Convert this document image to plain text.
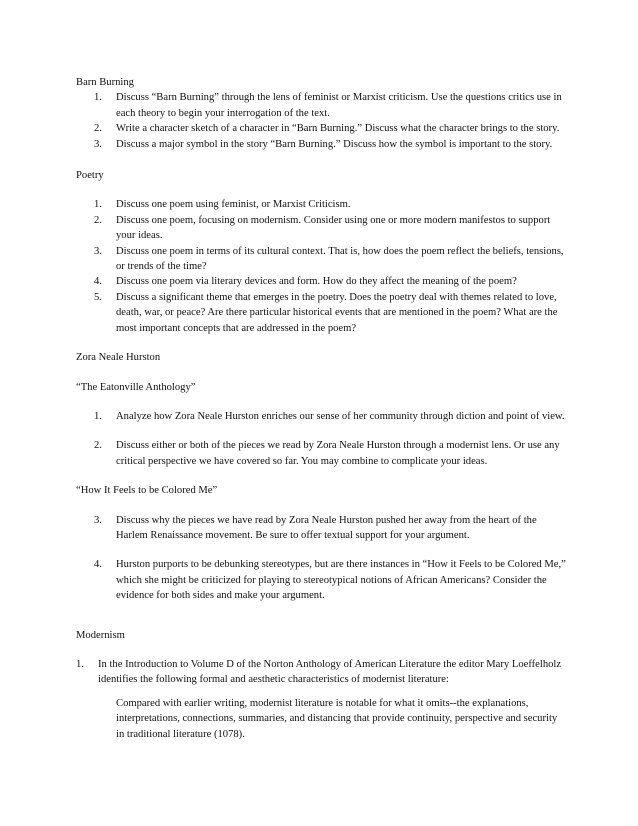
Barn Burning

1.	Discuss “Barn Burning” through the lens of feminist or Marxist criticism. Use the questions critics use in each theory to begin your interrogation of the text.
2.	Write a character sketch of a character in “Barn Burning.” Discuss what the character brings to the story.
3.	Discuss a major symbol in the story “Barn Burning.” Discuss how the symbol is important to the story.

Poetry

1.	Discuss one poem using feminist, or Marxist Criticism.
2.	Discuss one poem, focusing on modernism. Consider using one or more modern manifestos to support your ideas.
3.	Discuss one poem in terms of its cultural context. That is, how does the poem reflect the beliefs, tensions, or trends of the time?
4.	Discuss one poem via literary devices and form. How do they affect the meaning of the poem?
5.	Discuss a significant theme that emerges in the poetry. Does the poetry deal with themes related to love, death, war, or peace? Are there particular historical events that are mentioned in the poem? What are the most important concepts that are addressed in the poem?

Zora Neale Hurston

“The Eatonville Anthology”

1.	Analyze how Zora Neale Hurston enriches our sense of her community through diction and point of view.
2.	Discuss either or both of the pieces we read by Zora Neale Hurston through a modernist lens. Or use any critical perspective we have covered so far. You may combine to complicate your ideas.

“How It Feels to be Colored Me”

3.	Discuss why the pieces we have read by Zora Neale Hurston pushed her away from the heart of the Harlem Renaissance movement. Be sure to offer textual support for your argument.
4.	Hurston purports to be debunking stereotypes, but are there instances in “How it Feels to be Colored Me,” which she might be criticized for playing to stereotypical notions of African Americans? Consider the evidence for both sides and make your argument.

Modernism

1.	In the Introduction to Volume D of the Norton Anthology of American Literature the editor Mary Loeffelholz identifies the following formal and aesthetic characteristics of modernist literature:

Compared with earlier writing, modernist literature is notable for what it omits--the explanations, interpretations, connections, summaries, and distancing that provide continuity, perspective and security in traditional literature (1078).
